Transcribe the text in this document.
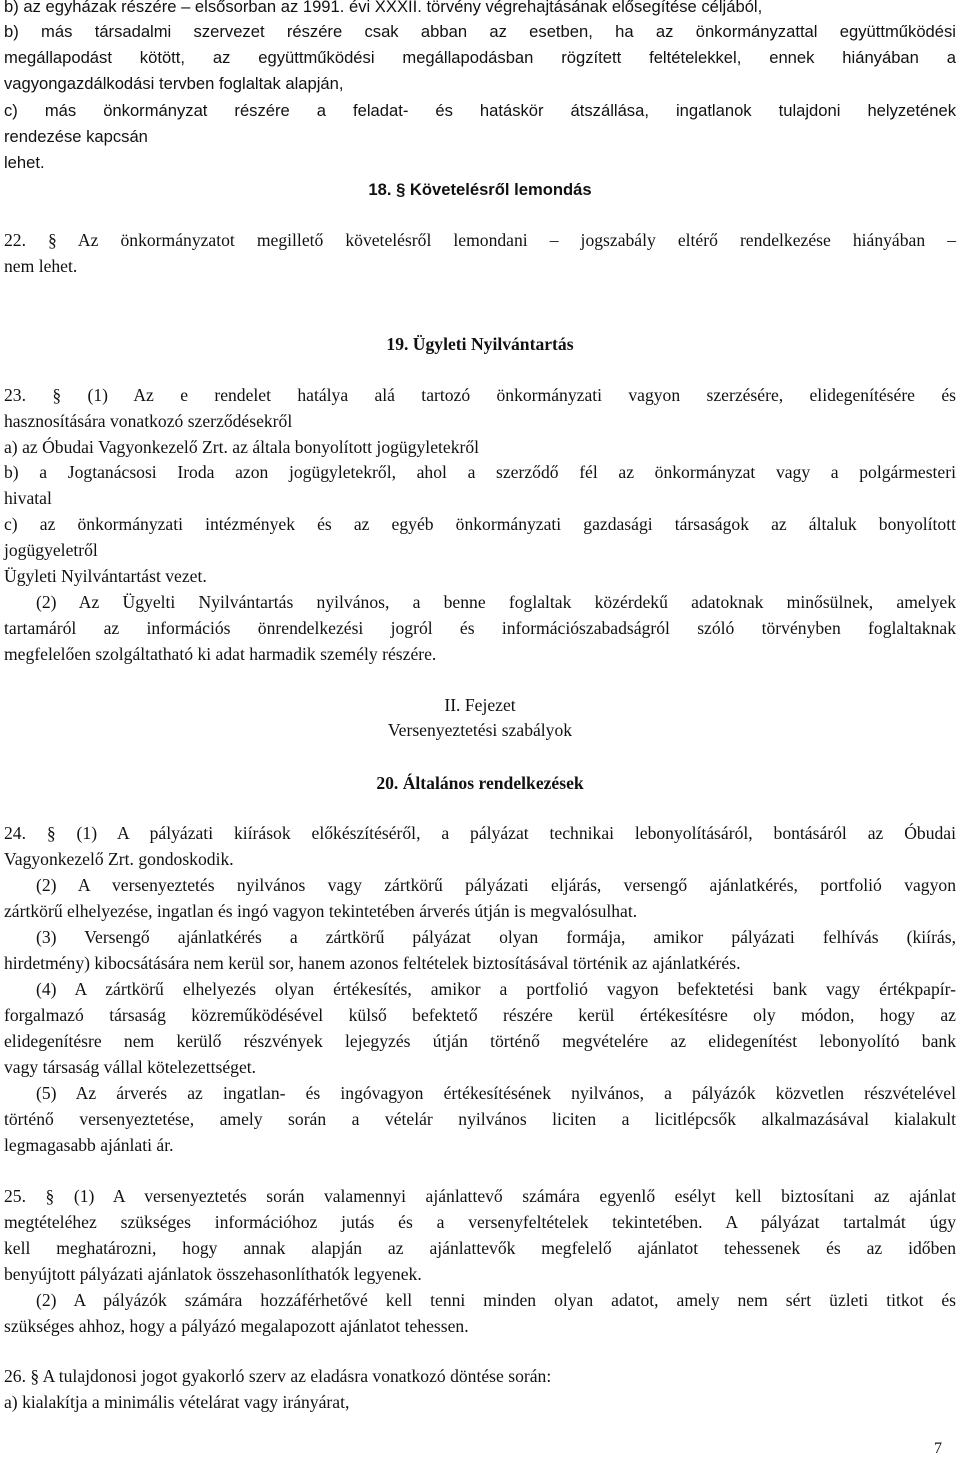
b) az egyházak részére – elsősorban az 1991. évi XXXII. törvény végrehajtásának elősegítése céljából,

b) más társadalmi szervezet részére csak abban az esetben, ha az önkormányzattal együttműködési

megállapodást kötött, az együttműködési megállapodásban rögzített feltételekkel, ennek hiányában a

vagyongazdálkodási tervben foglaltak alapján,

c) más önkormányzat részére a feladat- és hatáskör átszállása, ingatlanok tulajdoni helyzetének

rendezése kapcsán

lehet.

18. § Követelésről lemondás

22. § Az önkormányzatot megillető követelésről lemondani – jogszabály eltérő rendelkezése hiányában –

nem lehet.

19. Ügyleti Nyilvántartás

23. § (1) Az e rendelet hatálya alá tartozó önkormányzati vagyon szerzésére, elidegenítésére és

hasznosítására vonatkozó szerződésekről

a) az Óbudai Vagyonkezelő Zrt. az általa bonyolított jogügyletekről

b) a Jogtanácsosi Iroda azon jogügyletekről, ahol a szerződő fél az önkormányzat vagy a polgármesteri

hivatal

c) az önkormányzati intézmények és az egyéb önkormányzati gazdasági társaságok az általuk bonyolított

jogügyeletről

Ügyleti Nyilvántartást vezet.

(2) Az Ügyelti Nyilvántartás nyilvános, a benne foglaltak közérdekű adatoknak minősülnek, amelyek

tartamáról az információs önrendelkezési jogról és információszabadságról szóló törvényben foglaltaknak

megfelelően szolgáltatható ki adat harmadik személy részére.

II. Fejezet

Versenyeztetési szabályok

20. Általános rendelkezések

24. § (1) A pályázati kiírások előkészítéséről, a pályázat technikai lebonyolításáról, bontásáról az Óbudai

Vagyonkezelő Zrt. gondoskodik.

(2) A versenyeztetés nyilvános vagy zártkörű pályázati eljárás, versengő ajánlatkérés, portfolió vagyon

zártkörű elhelyezése, ingatlan és ingó vagyon tekintetében árverés útján is megvalósulhat.

(3) Versengő ajánlatkérés a zártkörű pályázat olyan formája, amikor pályázati felhívás (kiírás,

hirdetmény) kibocsátására nem kerül sor, hanem azonos feltételek biztosításával történik az ajánlatkérés.

(4) A zártkörű elhelyezés olyan értékesítés, amikor a portfolió vagyon befektetési bank vagy értékpapír-

forgalmazó társaság közreműködésével külső befektető részére kerül értékesítésre oly módon, hogy az

elidegenítésre nem kerülő részvények lejegyzés útján történő megvételére az elidegenítést lebonyolító bank

vagy társaság vállal kötelezettséget.

(5) Az árverés az ingatlan- és ingóvagyon értékesítésének nyilvános, a pályázók közvetlen részvételével

történő versenyeztetése, amely során a vételár nyilvános liciten a licitlépcsők alkalmazásával kialakult

legmagasabb ajánlati ár.

25. § (1) A versenyeztetés során valamennyi ajánlattevő számára egyenlő esélyt kell biztosítani az ajánlat

megtételéhez szükséges információhoz jutás és a versenyfeltételek tekintetében. A pályázat tartalmát úgy

kell meghatározni, hogy annak alapján az ajánlattevők megfelelő ajánlatot tehessenek és az időben

benyújtott pályázati ajánlatok összehasonlíthatók legyenek.

(2) A pályázók számára hozzáférhetővé kell tenni minden olyan adatot, amely nem sért üzleti titkot és

szükséges ahhoz, hogy a pályázó megalapozott ajánlatot tehessen.

26. § A tulajdonosi jogot gyakorló szerv az eladásra vonatkozó döntése során:

a) kialakítja a minimális vételárat vagy irányárat,

7
